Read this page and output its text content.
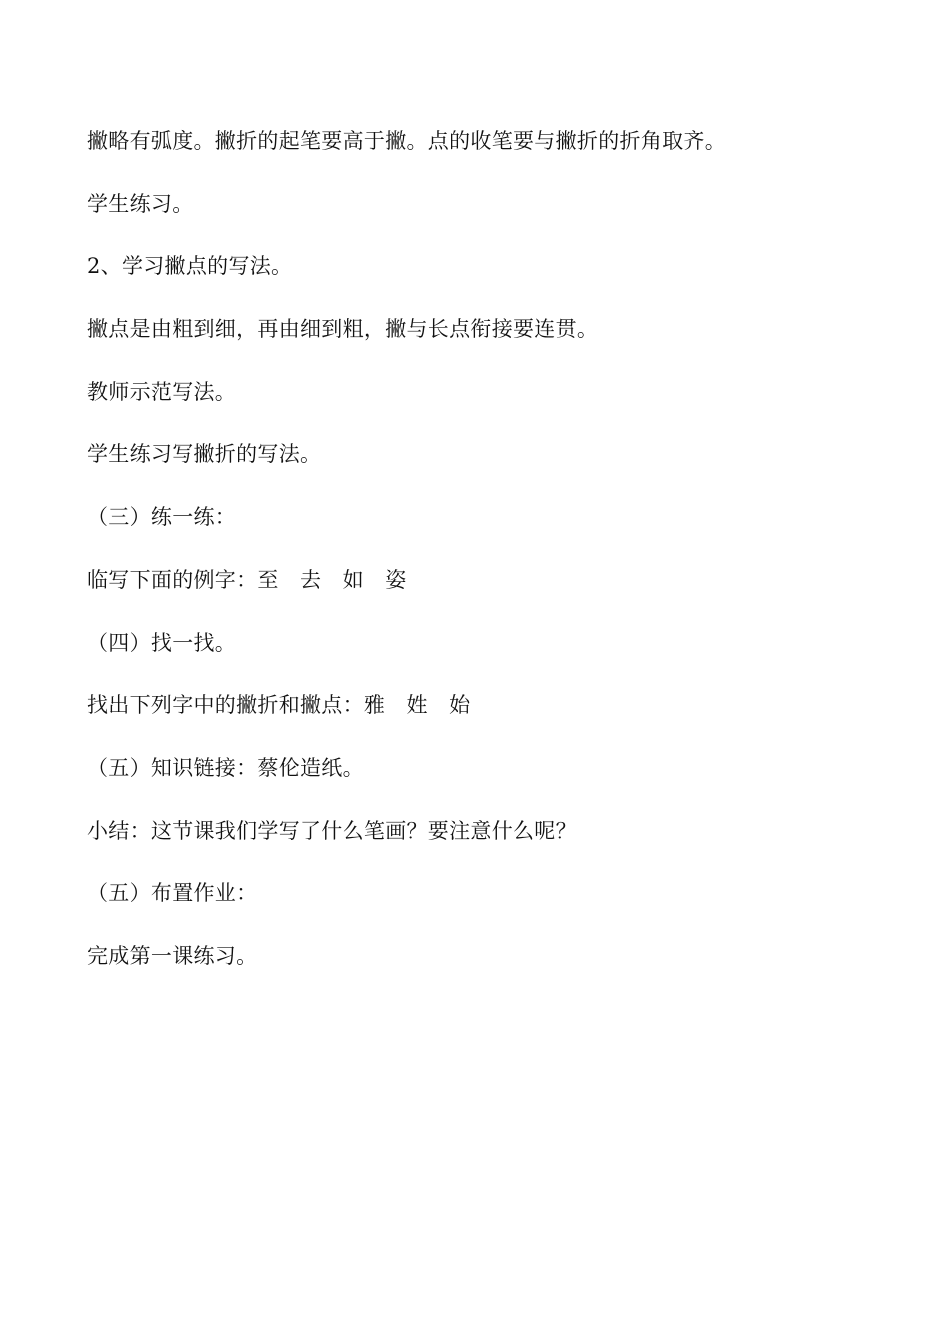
撇略有弧度。撇折的起笔要高于撇。点的收笔要与撇折的折角取齐。
学生练习。
2、学习撇点的写法。
撇点是由粗到细，再由细到粗，撇与长点衔接要连贯。
教师示范写法。
学生练习写撇折的写法。
（三）练一练：
临写下面的例字：至　去　如　姿
（四）找一找。
找出下列字中的撇折和撇点：雅　姓　始
（五）知识链接：蔡伦造纸。
小结：这节课我们学写了什么笔画？要注意什么呢？
（五）布置作业：
完成第一课练习。
